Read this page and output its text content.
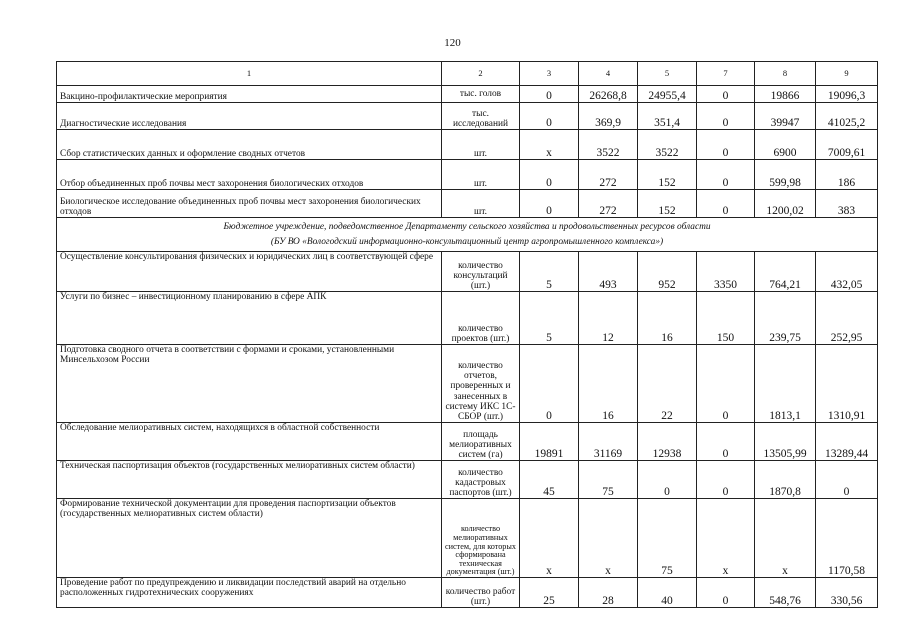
120
1	2	3	4	5	7	8	9
Вакцино-профилактические мероприятия	тыс. голов	0	26268,8	24955,4	0	19866	19096,3
Диагностические исследования	тыс. исследований	0	369,9	351,4	0	39947	41025,2
Сбор статистических данных и оформление сводных отчетов	шт.	х	3522	3522	0	6900	7009,61
Отбор объединенных проб почвы мест захоронения биологических отходов	шт.	0	272	152	0	599,98	186
Биологическое исследование объединенных проб почвы мест захоронения биологических отходов	шт.	0	272	152	0	1200,02	383

Бюджетное учреждение, подведомственное Департаменту сельского хозяйства и продовольственных ресурсов области
(БУ ВО «Вологодский информационно-консультационный центр агропромышленного комплекса»)							

Осуществление консультирования физических и юридических лиц в соответствующей сфере	количество консультаций (шт.)	5	493	952	3350	764,21	432,05
Услуги по бизнес – инвестиционному планированию в сфере АПК	количество проектов (шт.)	5	12	16	150	239,75	252,95
Подготовка сводного отчета в соответствии с формами и сроками, установленными Минсельхозом России	количество отчетов, проверенных и занесенных в систему ИКС 1С-СБОР (шт.)	0	16	22	0	1813,1	1310,91
Обследование мелиоративных систем, находящихся в областной собственности	площадь мелиоративных систем (га)	19891	31169	12938	0	13505,99	13289,44
Техническая паспортизация объектов (государственных мелиоративных систем области)	количество кадастровых паспортов (шт.)	45	75	0	0	1870,8	0
Формирование технической документации для проведения паспортизации объектов (государственных мелиоративных систем области)	количество мелиоративных систем, для которых сформирована техническая документация (шт.)	х	х	75	х	х	1170,58
Проведение работ по предупреждению и ликвидации последствий аварий на отдельно расположенных гидротехнических сооружениях	количество работ (шт.)	25	28	40	0	548,76	330,56
